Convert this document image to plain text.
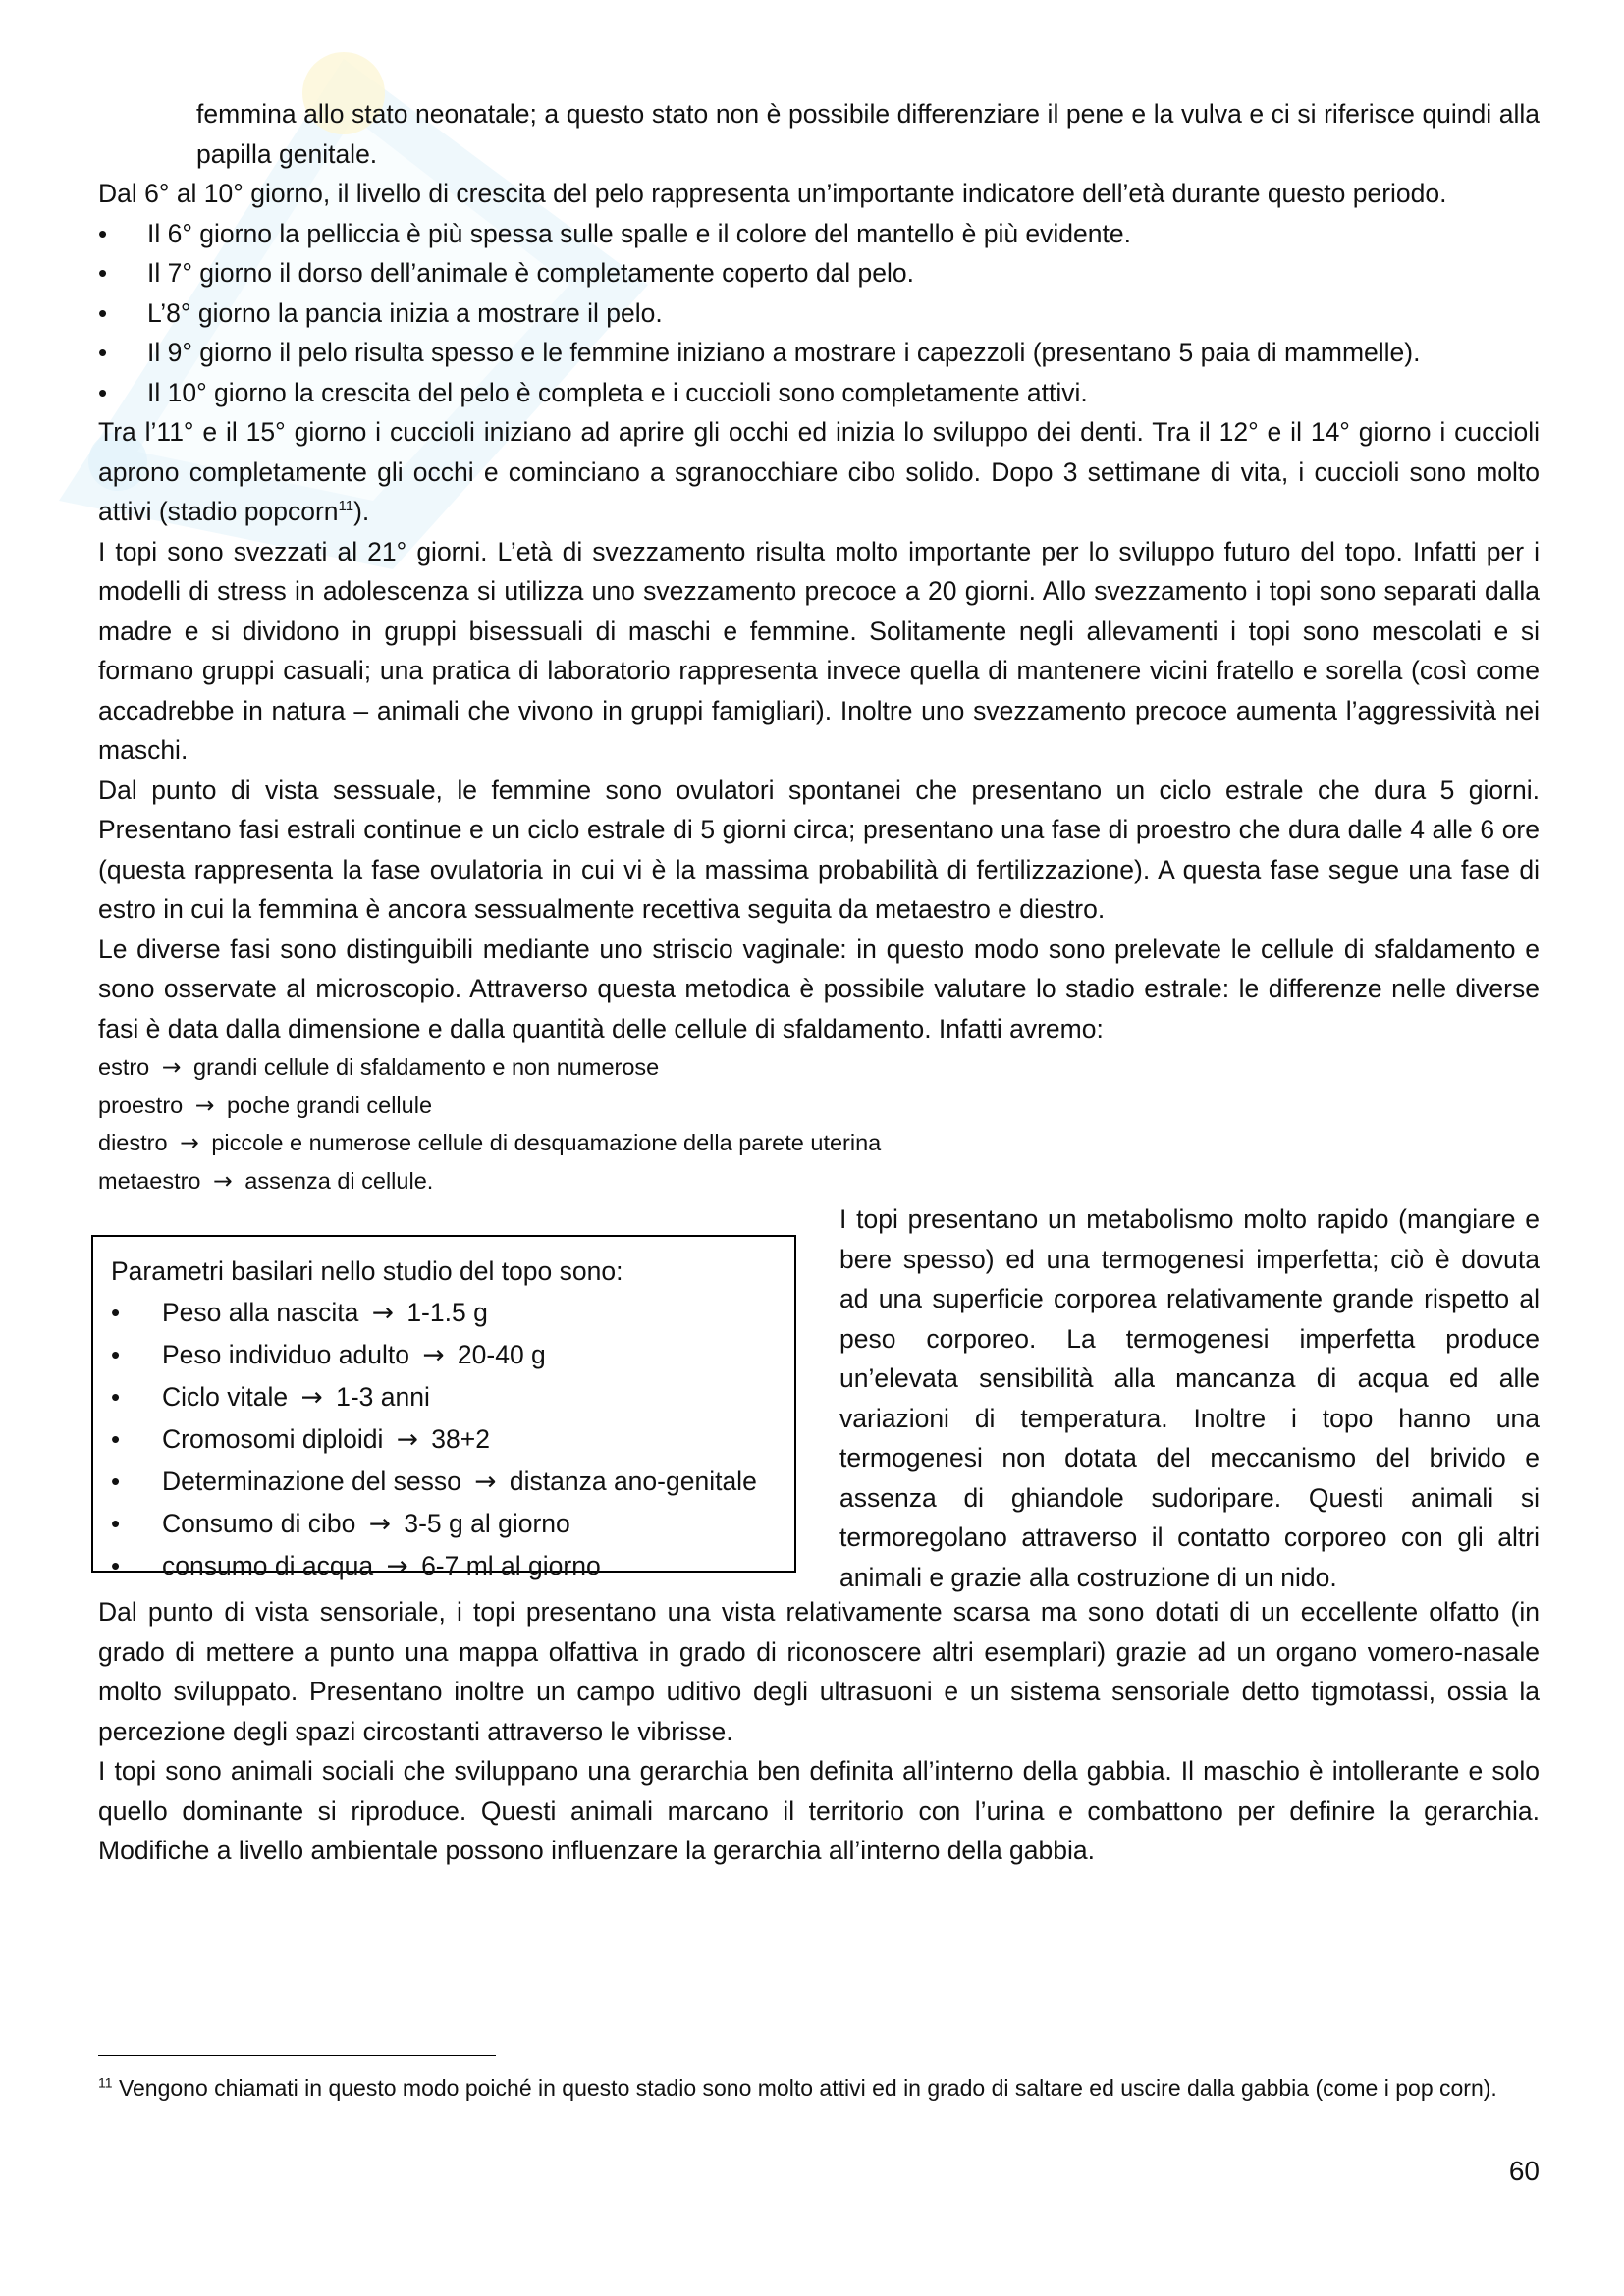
femmina allo stato neonatale; a questo stato non è possibile differenziare il pene e la vulva e ci si riferisce quindi alla papilla genitale.

Dal 6° al 10° giorno, il livello di crescita del pelo rappresenta un’importante indicatore dell’età durante questo periodo.

• Il 6° giorno la pelliccia è più spessa sulle spalle e il colore del mantello è più evidente.
• Il 7° giorno il dorso dell’animale è completamente coperto dal pelo.
• L’8° giorno la pancia inizia a mostrare il pelo.
• Il 9° giorno il pelo risulta spesso e le femmine iniziano a mostrare i capezzoli (presentano 5 paia di mammelle).
• Il 10° giorno la crescita del pelo è completa e i cuccioli sono completamente attivi.

Tra l’11° e il 15° giorno i cuccioli iniziano ad aprire gli occhi ed inizia lo sviluppo dei denti. Tra il 12° e il 14° giorno i cuccioli aprono completamente gli occhi e cominciano a sgranocchiare cibo solido. Dopo 3 settimane di vita, i cuccioli sono molto attivi (stadio popcorn$^{11}$).

I topi sono svezzati al 21° giorni. L’età di svezzamento risulta molto importante per lo sviluppo futuro del topo. Infatti per i modelli di stress in adolescenza si utilizza uno svezzamento precoce a 20 giorni. Allo svezzamento i topi sono separati dalla madre e si dividono in gruppi bisessuali di maschi e femmine. Solitamente negli allevamenti i topi sono mescolati e si formano gruppi casuali; una pratica di laboratorio rappresenta invece quella di mantenere vicini fratello e sorella (così come accadrebbe in natura – animali che vivono in gruppi famigliari). Inoltre uno svezzamento precoce aumenta l’aggressività nei maschi.

Dal punto di vista sessuale, le femmine sono ovulatori spontanei che presentano un ciclo estrale che dura 5 giorni. Presentano fasi estrali continue e un ciclo estrale di 5 giorni circa; presentano una fase di proestro che dura dalle 4 alle 6 ore (questa rappresenta la fase ovulatoria in cui vi è la massima probabilità di fertilizzazione). A questa fase segue una fase di estro in cui la femmina è ancora sessualmente recettiva seguita da metaestro e diestro.

Le diverse fasi sono distinguibili mediante uno striscio vaginale: in questo modo sono prelevate le cellule di sfaldamento e sono osservate al microscopio. Attraverso questa metodica è possibile valutare lo stadio estrale: le differenze nelle diverse fasi è data dalla dimensione e dalla quantità delle cellule di sfaldamento. Infatti avremo:

estro → grandi cellule di sfaldamento e non numerose
proestro → poche grandi cellule
diestro → piccole e numerose cellule di desquamazione della parete uterina
metaestro → assenza di cellule.
Parametri basilari nello studio del topo sono:
• Peso alla nascita → 1-1.5 g
• Peso individuo adulto → 20-40 g
• Ciclo vitale → 1-3 anni
• Cromosomi diploidi → 38+2
• Determinazione del sesso → distanza ano-genitale
• Consumo di cibo → 3-5 g al giorno
• consumo di acqua → 6-7 ml al giorno

I topi presentano un metabolismo molto rapido (mangiare e bere spesso) ed una termogenesi imperfetta; ciò è dovuta ad una superficie corporea relativamente grande rispetto al peso corporeo. La termogenesi imperfetta produce un’elevata sensibilità alla mancanza di acqua ed alle variazioni di temperatura. Inoltre i topo hanno una termogenesi non dotata del meccanismo del brivido e assenza di ghiandole sudoripare. Questi animali si termoregolano attraverso il contatto corporeo con gli altri animali e grazie alla costruzione di un nido.

Dal punto di vista sensoriale, i topi presentano una vista relativamente scarsa ma sono dotati di un eccellente olfatto (in grado di mettere a punto una mappa olfattiva in grado di riconoscere altri esemplari) grazie ad un organo vomero-nasale molto sviluppato. Presentano inoltre un campo uditivo degli ultrasuoni e un sistema sensoriale detto tigmotassi, ossia la percezione degli spazi circostanti attraverso le vibrisse.

I topi sono animali sociali che sviluppano una gerarchia ben definita all’interno della gabbia. Il maschio è intollerante e solo quello dominante si riproduce. Questi animali marcano il territorio con l’urina e combattono per definire la gerarchia. Modifiche a livello ambientale possono influenzare la gerarchia all’interno della gabbia.

$^{11}$ Vengono chiamati in questo modo poiché in questo stadio sono molto attivi ed in grado di saltare ed uscire dalla gabbia (come i pop corn).
60
